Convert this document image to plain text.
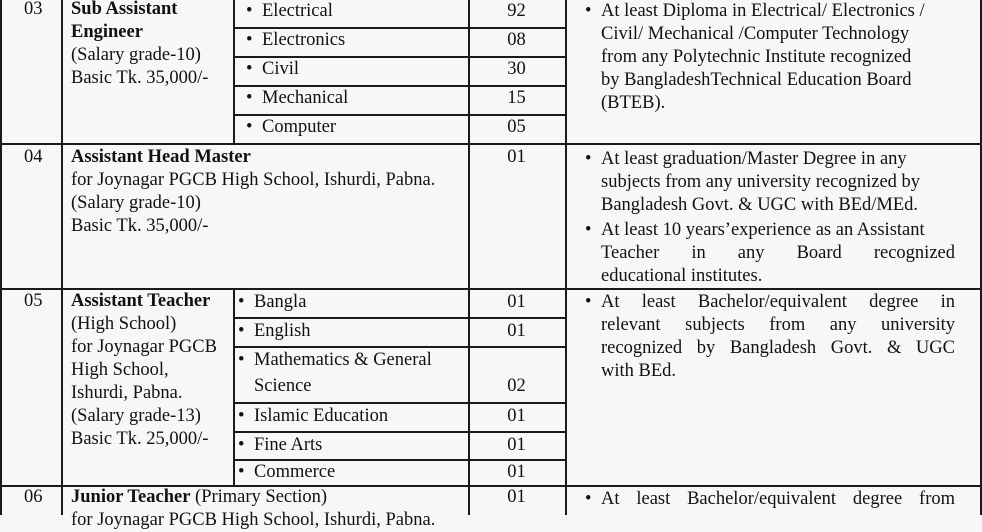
03 Sub Assistant
Engineer
(Salary grade-10)
Basic Tk. 35,000/-
• Electrical
• Electronics
• Civil
• Mechanical
• Computer
92
08
30
15
05
• At least Diploma in Electrical/ Electronics /
Civil/ Mechanical /Computer Technology
from any Polytechnic Institute recognized
by BangladeshTechnical Education Board
(BTEB).
04 Assistant Head Master
for Joynagar PGCB High School, Ishurdi, Pabna.
(Salary grade-10)
Basic Tk. 35,000/-
01	• At least graduation/Master Degree in any
subjects from any university recognized by
Bangladesh Govt. & UGC with BEd/MEd.
• At least 10 years’experience as an Assistant
Teacher in any Board recognized
educational institutes.
05 Assistant Teacher
(High School)
for Joynagar PGCB
High School,
Ishurdi, Pabna.
(Salary grade-13)
Basic Tk. 25,000/-
• Bangla
• English
• Mathematics & General
Science
• Islamic Education
• Fine Arts
• Commerce
01
01
02
01
01
01
• At least Bachelor/equivalent degree in
relevant subjects from any university
recognized by Bangladesh Govt. & UGC
with BEd.
06 Junior Teacher (Primary Section)
for Joynagar PGCB High School, Ishurdi, Pabna.
01	• At least Bachelor/equivalent degree from
